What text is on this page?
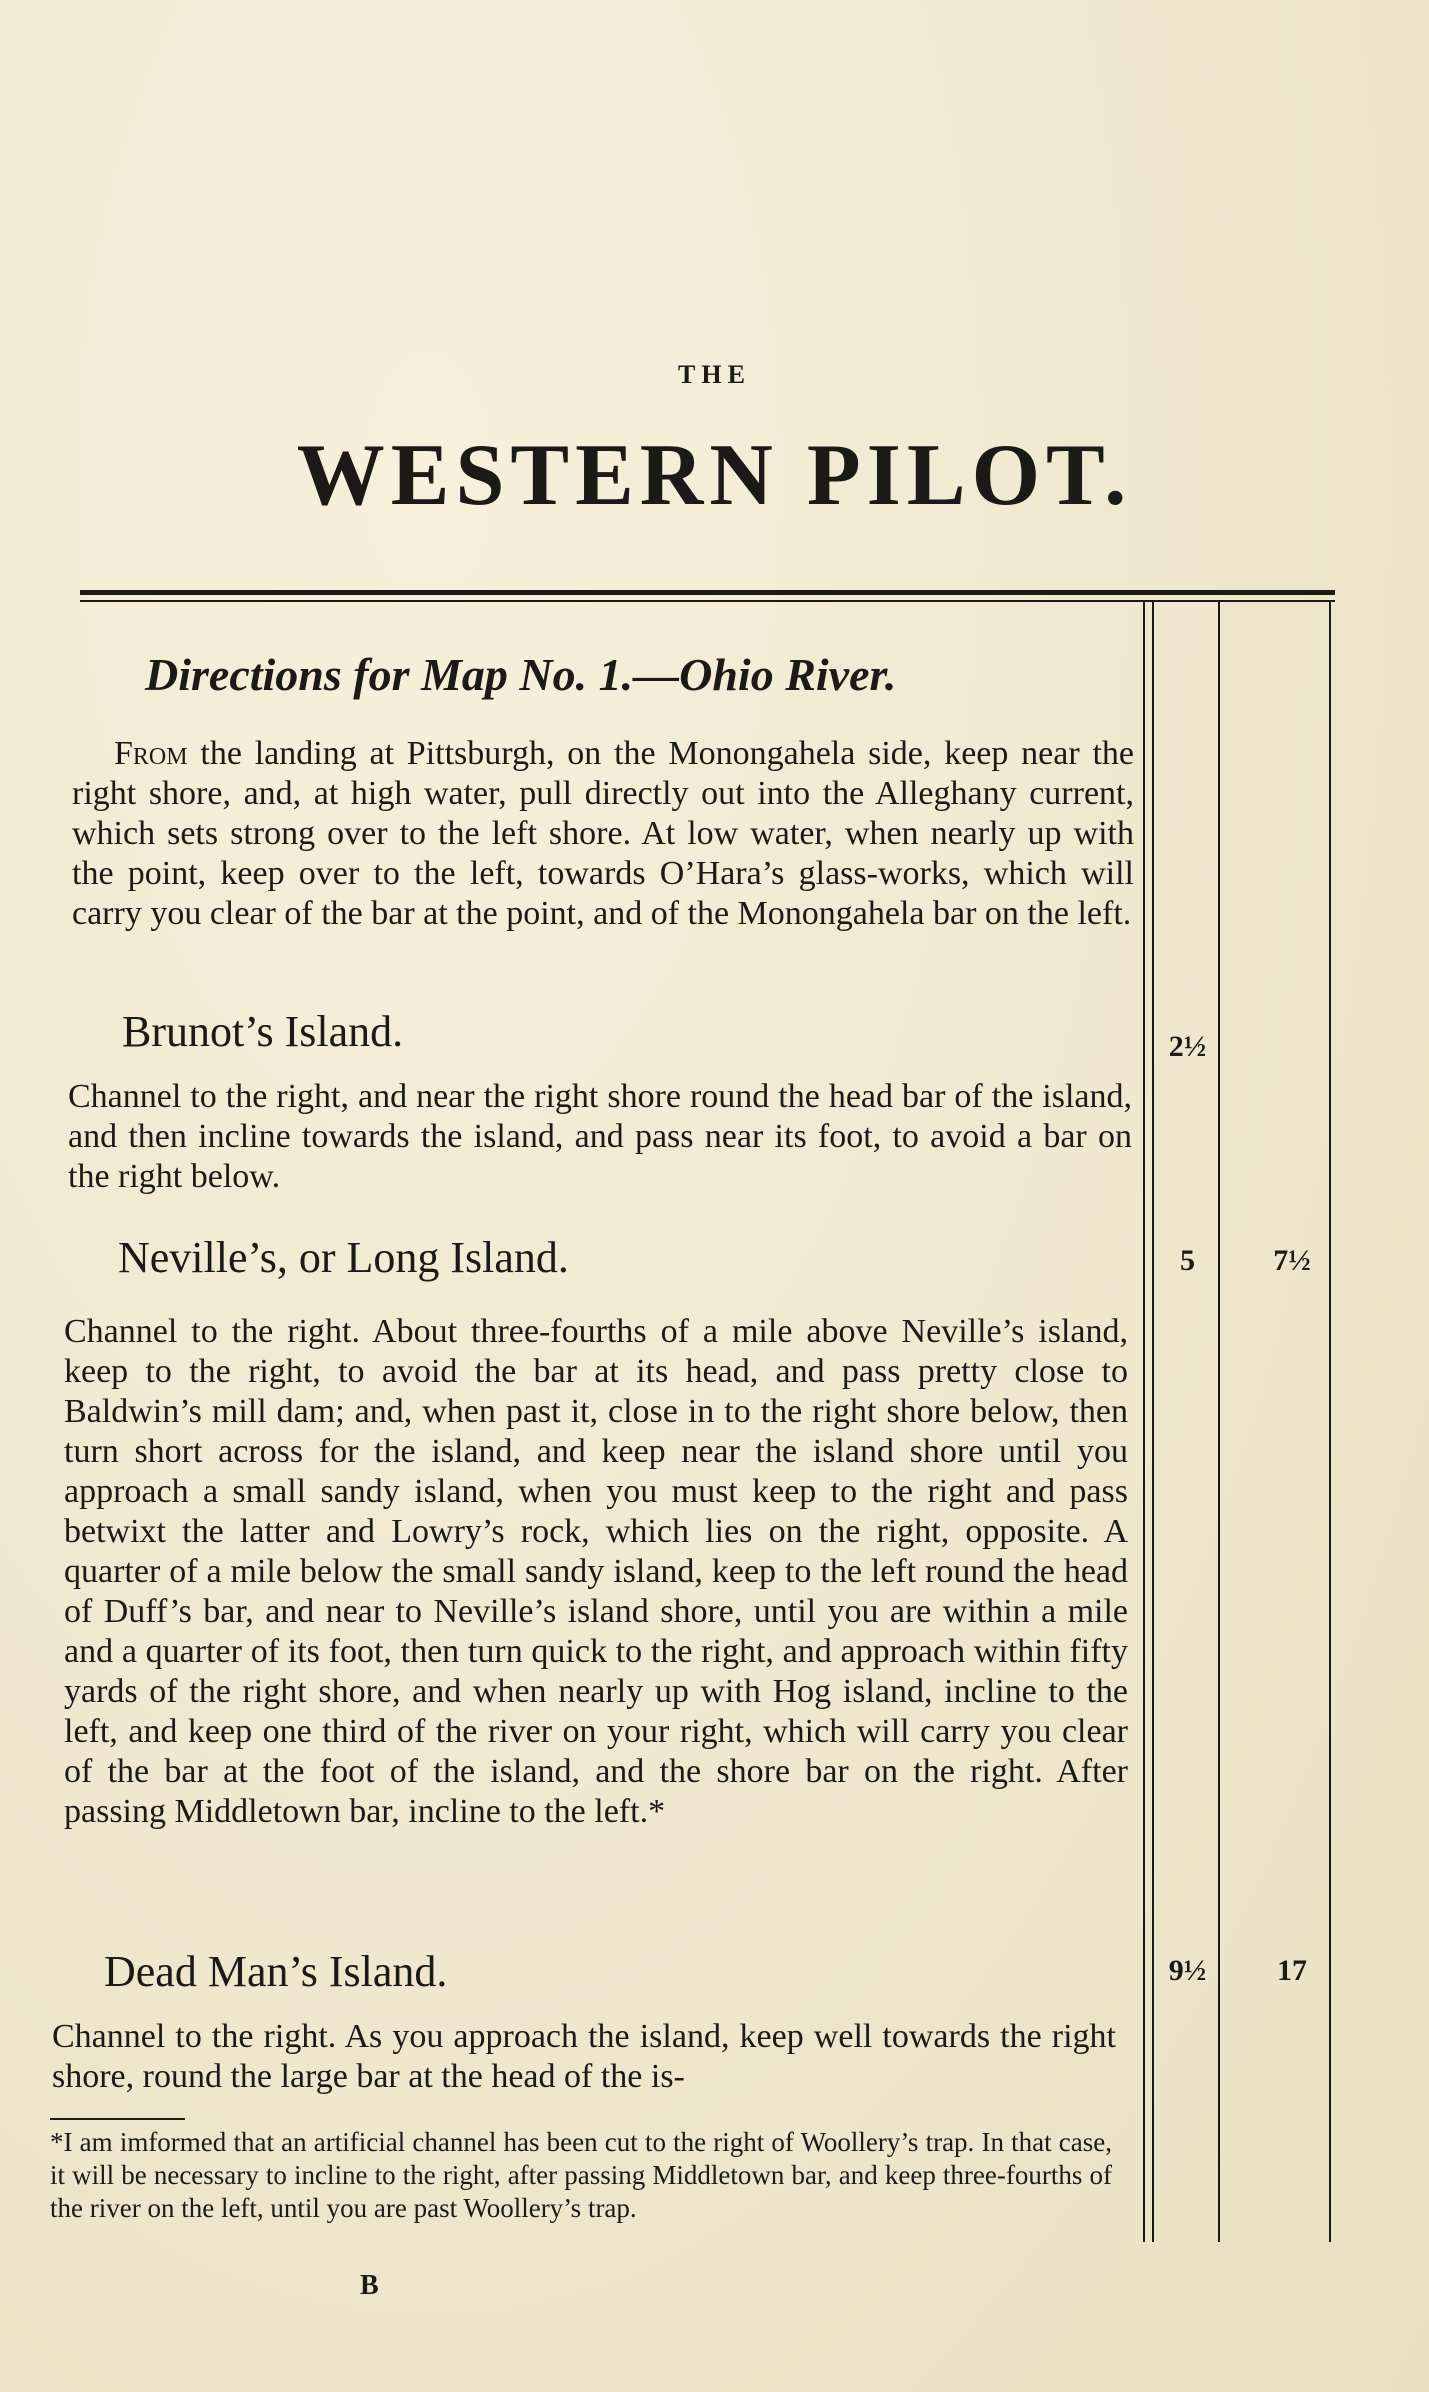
THE
WESTERN PILOT.
Directions for Map No. 1.—Ohio River.
From the landing at Pittsburgh, on the Monongahela side, keep near the right shore, and, at high water, pull directly out into the Alleghany current, which sets strong over to the left shore. At low water, when nearly up with the point, keep over to the left, towards O’Hara’s glass-works, which will carry you clear of the bar at the point, and of the Monongahela bar on the left.
Brunot’s Island.	2½
Channel to the right, and near the right shore round the head bar of the island, and then incline towards the island, and pass near its foot, to avoid a bar on the right below.
Neville’s, or Long Island.	5	7½
Channel to the right. About three-fourths of a mile above Neville’s island, keep to the right, to avoid the bar at its head, and pass pretty close to Baldwin’s mill dam; and, when past it, close in to the right shore below, then turn short across for the island, and keep near the island shore until you approach a small sandy island, when you must keep to the right and pass betwixt the latter and Lowry’s rock, which lies on the right, opposite. A quarter of a mile below the small sandy island, keep to the left round the head of Duff’s bar, and near to Neville’s island shore, until you are within a mile and a quarter of its foot, then turn quick to the right, and approach within fifty yards of the right shore, and when nearly up with Hog island, incline to the left, and keep one third of the river on your right, which will carry you clear of the bar at the foot of the island, and the shore bar on the right. After passing Middletown bar, incline to the left.*
Dead Man’s Island.	9½	17
Channel to the right. As you approach the island, keep well towards the right shore, round the large bar at the head of the is-
*I am imformed that an artificial channel has been cut to the right of Woollery’s trap. In that case, it will be necessary to incline to the right, after passing Middletown bar, and keep three-fourths of the river on the left, until you are past Woollery’s trap.
B
